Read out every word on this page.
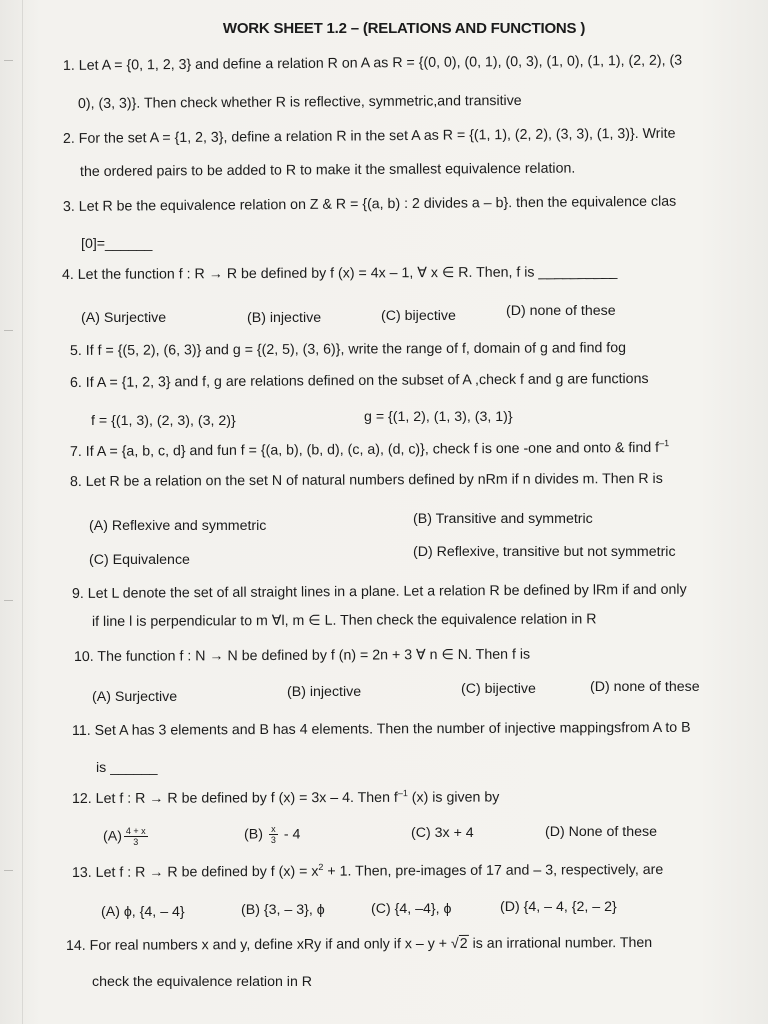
WORK SHEET 1.2 – (RELATIONS AND FUNCTIONS )
1. Let A = {0, 1, 2, 3} and define a relation R on A as R = {(0, 0), (0, 1), (0, 3), (1, 0), (1, 1), (2, 2), (3
0), (3, 3)}. Then check whether R is reflective, symmetric,and transitive
2. For the set A = {1, 2, 3}, define a relation R in the set A as R = {(1, 1), (2, 2), (3, 3), (1, 3)}. Write
the ordered pairs to be added to R to make it the smallest equivalence relation.
3. Let R be the equivalence relation on Z & R = {(a, b) : 2 divides a – b}. then the equivalence clas
[0]=______
4. Let the function f : R → R be defined by f (x) = 4x – 1, ∀ x ∈ R. Then, f is __________
(A) Surjective	(B) injective	(C) bijective	(D) none of these
5. If f = {(5, 2), (6, 3)} and g = {(2, 5), (3, 6)}, write the range of f, domain of g and find fog
6. If A = {1, 2, 3} and f, g are relations defined on the subset of A ,check f and g are functions
f = {(1, 3), (2, 3), (3, 2)}	g = {(1, 2), (1, 3), (3, 1)}
7. If A = {a, b, c, d} and fun f = {(a, b), (b, d), (c, a), (d, c)}, check f is one -one and onto & find $f^{-1}$
8. Let R be a relation on the set N of natural numbers defined by nRm if n divides m. Then R is
(A) Reflexive and symmetric	(B) Transitive and symmetric
(C) Equivalence	(D) Reflexive, transitive but not symmetric
9. Let L denote the set of all straight lines in a plane. Let a relation R be defined by lRm if and only
if line l is perpendicular to m ∀l, m ∈ L. Then check the equivalence relation in R
10. The function f : N → N be defined by f (n) = 2n + 3 ∀ n ∈ N. Then f is
(A) Surjective	(B) injective	(C) bijective	(D) none of these
11. Set A has 3 elements and B has 4 elements. Then the number of injective mappingsfrom A to B
is ______
12. Let f : R → R be defined by f (x) = 3x – 4. Then $f^{-1}$ (x) is given by
$(A) \frac{4 + x}{3}$	$(B) \frac{x}{3} - 4$	(C) 3x + 4	(D) None of these
13. Let f : R → R be defined by f $(x) = x^2 + 1$. Then, pre-images of 17 and – 3, respectively, are
(A) ϕ, {4, – 4}	(B) {3, – 3}, ϕ	(C) {4, –4}, ϕ	(D) {4, – 4, {2, – 2}
14. For real numbers x and y, define xRy if and only if x – y + √2 is an irrational number. Then
check the equivalence relation in R
